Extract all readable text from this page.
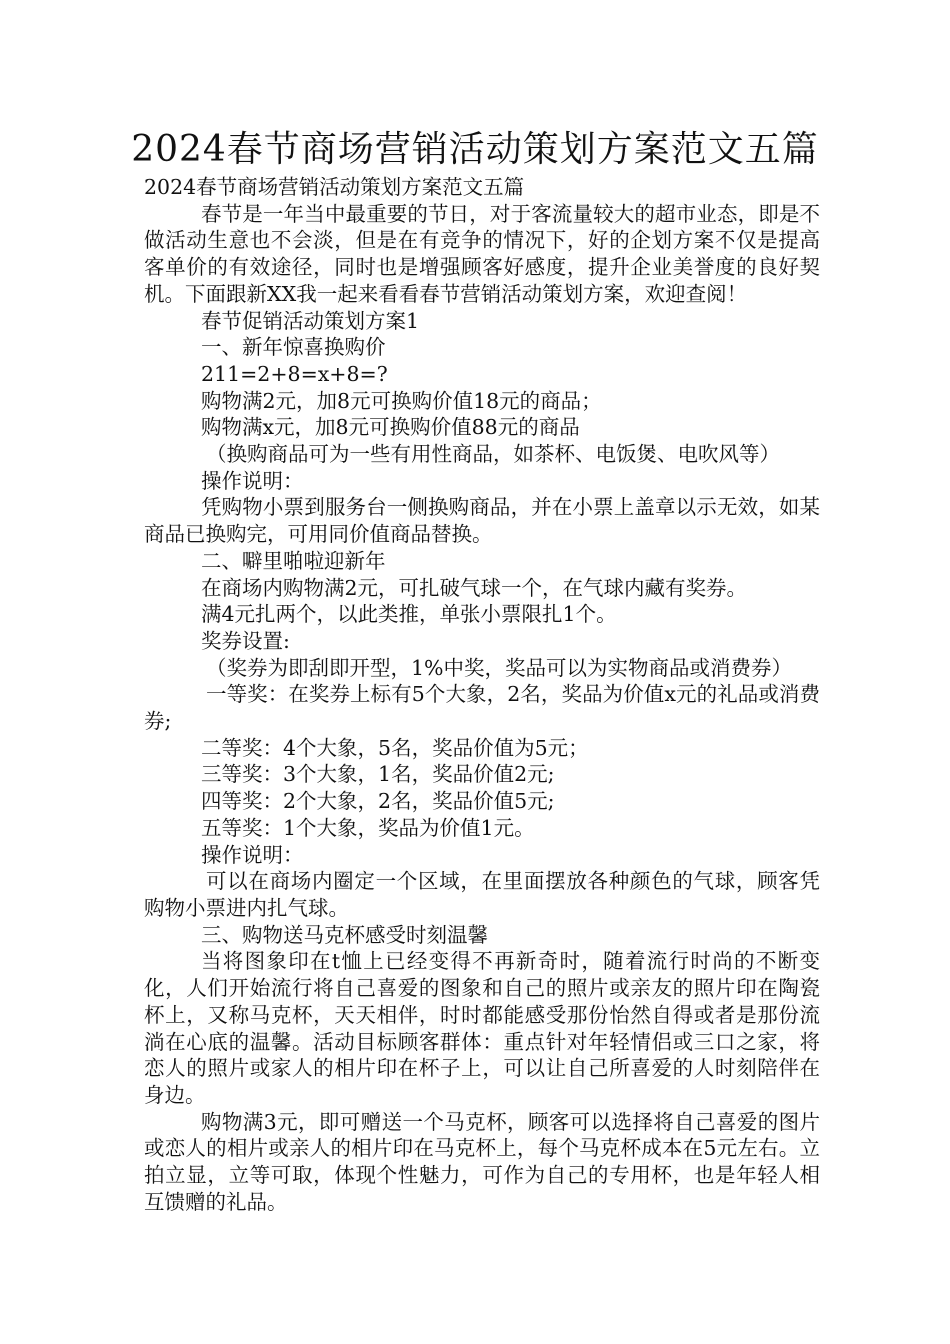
2024春节商场营销活动策划方案范文五篇

2024春节商场营销活动策划方案范文五篇

春节是一年当中最重要的节日，对于客流量较大的超市业态，即是不做活动生意也不会淡，但是在有竞争的情况下，好的企划方案不仅是提高客单价的有效途径，同时也是增强顾客好感度，提升企业美誉度的良好契机。下面跟新XX我一起来看看春节营销活动策划方案，欢迎查阅！

春节促销活动策划方案1

一、新年惊喜换购价

211=2+8=x+8=?

购物满2元，加8元可换购价值18元的商品；

购物满x元，加8元可换购价值88元的商品

（换购商品可为一些有用性商品，如茶杯、电饭煲、电吹风等）

操作说明：

凭购物小票到服务台一侧换购商品，并在小票上盖章以示无效，如某商品已换购完，可用同价值商品替换。

二、噼里啪啦迎新年

在商场内购物满2元，可扎破气球一个，在气球内藏有奖券。

满4元扎两个，以此类推，单张小票限扎1个。

奖券设置:

（奖券为即刮即开型，1%中奖，奖品可以为实物商品或消费券）

一等奖：在奖券上标有5个大象，2名，奖品为价值x元的礼品或消费券;

二等奖：4个大象，5名，奖品价值为5元；

三等奖：3个大象，1名，奖品价值2元;

四等奖：2个大象，2名，奖品价值5元;

五等奖：1个大象，奖品为价值1元。

操作说明：

可以在商场内圈定一个区域，在里面摆放各种颜色的气球，顾客凭购物小票进内扎气球。

三、购物送马克杯感受时刻温馨

当将图象印在t恤上已经变得不再新奇时，随着流行时尚的不断变化，人们开始流行将自己喜爱的图象和自己的照片或亲友的照片印在陶瓷杯上，又称马克杯，天天相伴，时时都能感受那份怡然自得或者是那份流淌在心底的温馨。活动目标顾客群体：重点针对年轻情侣或三口之家，将恋人的照片或家人的相片印在杯子上，可以让自己所喜爱的人时刻陪伴在身边。

购物满3元，即可赠送一个马克杯，顾客可以选择将自己喜爱的图片或恋人的相片或亲人的相片印在马克杯上，每个马克杯成本在5元左右。立拍立显，立等可取，体现个性魅力，可作为自己的专用杯，也是年轻人相互馈赠的礼品。
